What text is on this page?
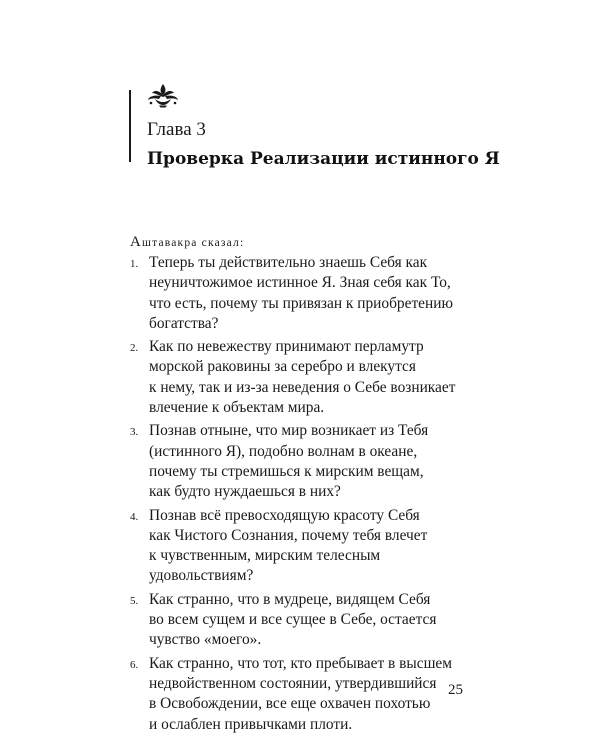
Глава 3
Проверка Реализации истинного Я
Аштавакра сказал:
1. Теперь ты действительно знаешь Себя как
неуничтожимое истинное Я. Зная себя как То,
что есть, почему ты привязан к приобретению
богатства?
2. Как по невежеству принимают перламутр
морской раковины за серебро и влекутся
к нему, так и из-за неведения о Себе возникает
влечение к объектам мира.
3. Познав отныне, что мир возникает из Тебя
(истинного Я), подобно волнам в океане,
почему ты стремишься к мирским вещам,
как будто нуждаешься в них?
4. Познав всё превосходящую красоту Себя
как Чистого Сознания, почему тебя влечет
к чувственным, мирским телесным
удовольствиям?
5. Как странно, что в мудреце, видящем Себя
во всем сущем и все сущее в Себе, остается
чувство «моего».
6. Как странно, что тот, кто пребывает в высшем
недвойственном состоянии, утвердившийся
в Освобождении, все еще охвачен похотью
и ослаблен привычками плоти.
25
